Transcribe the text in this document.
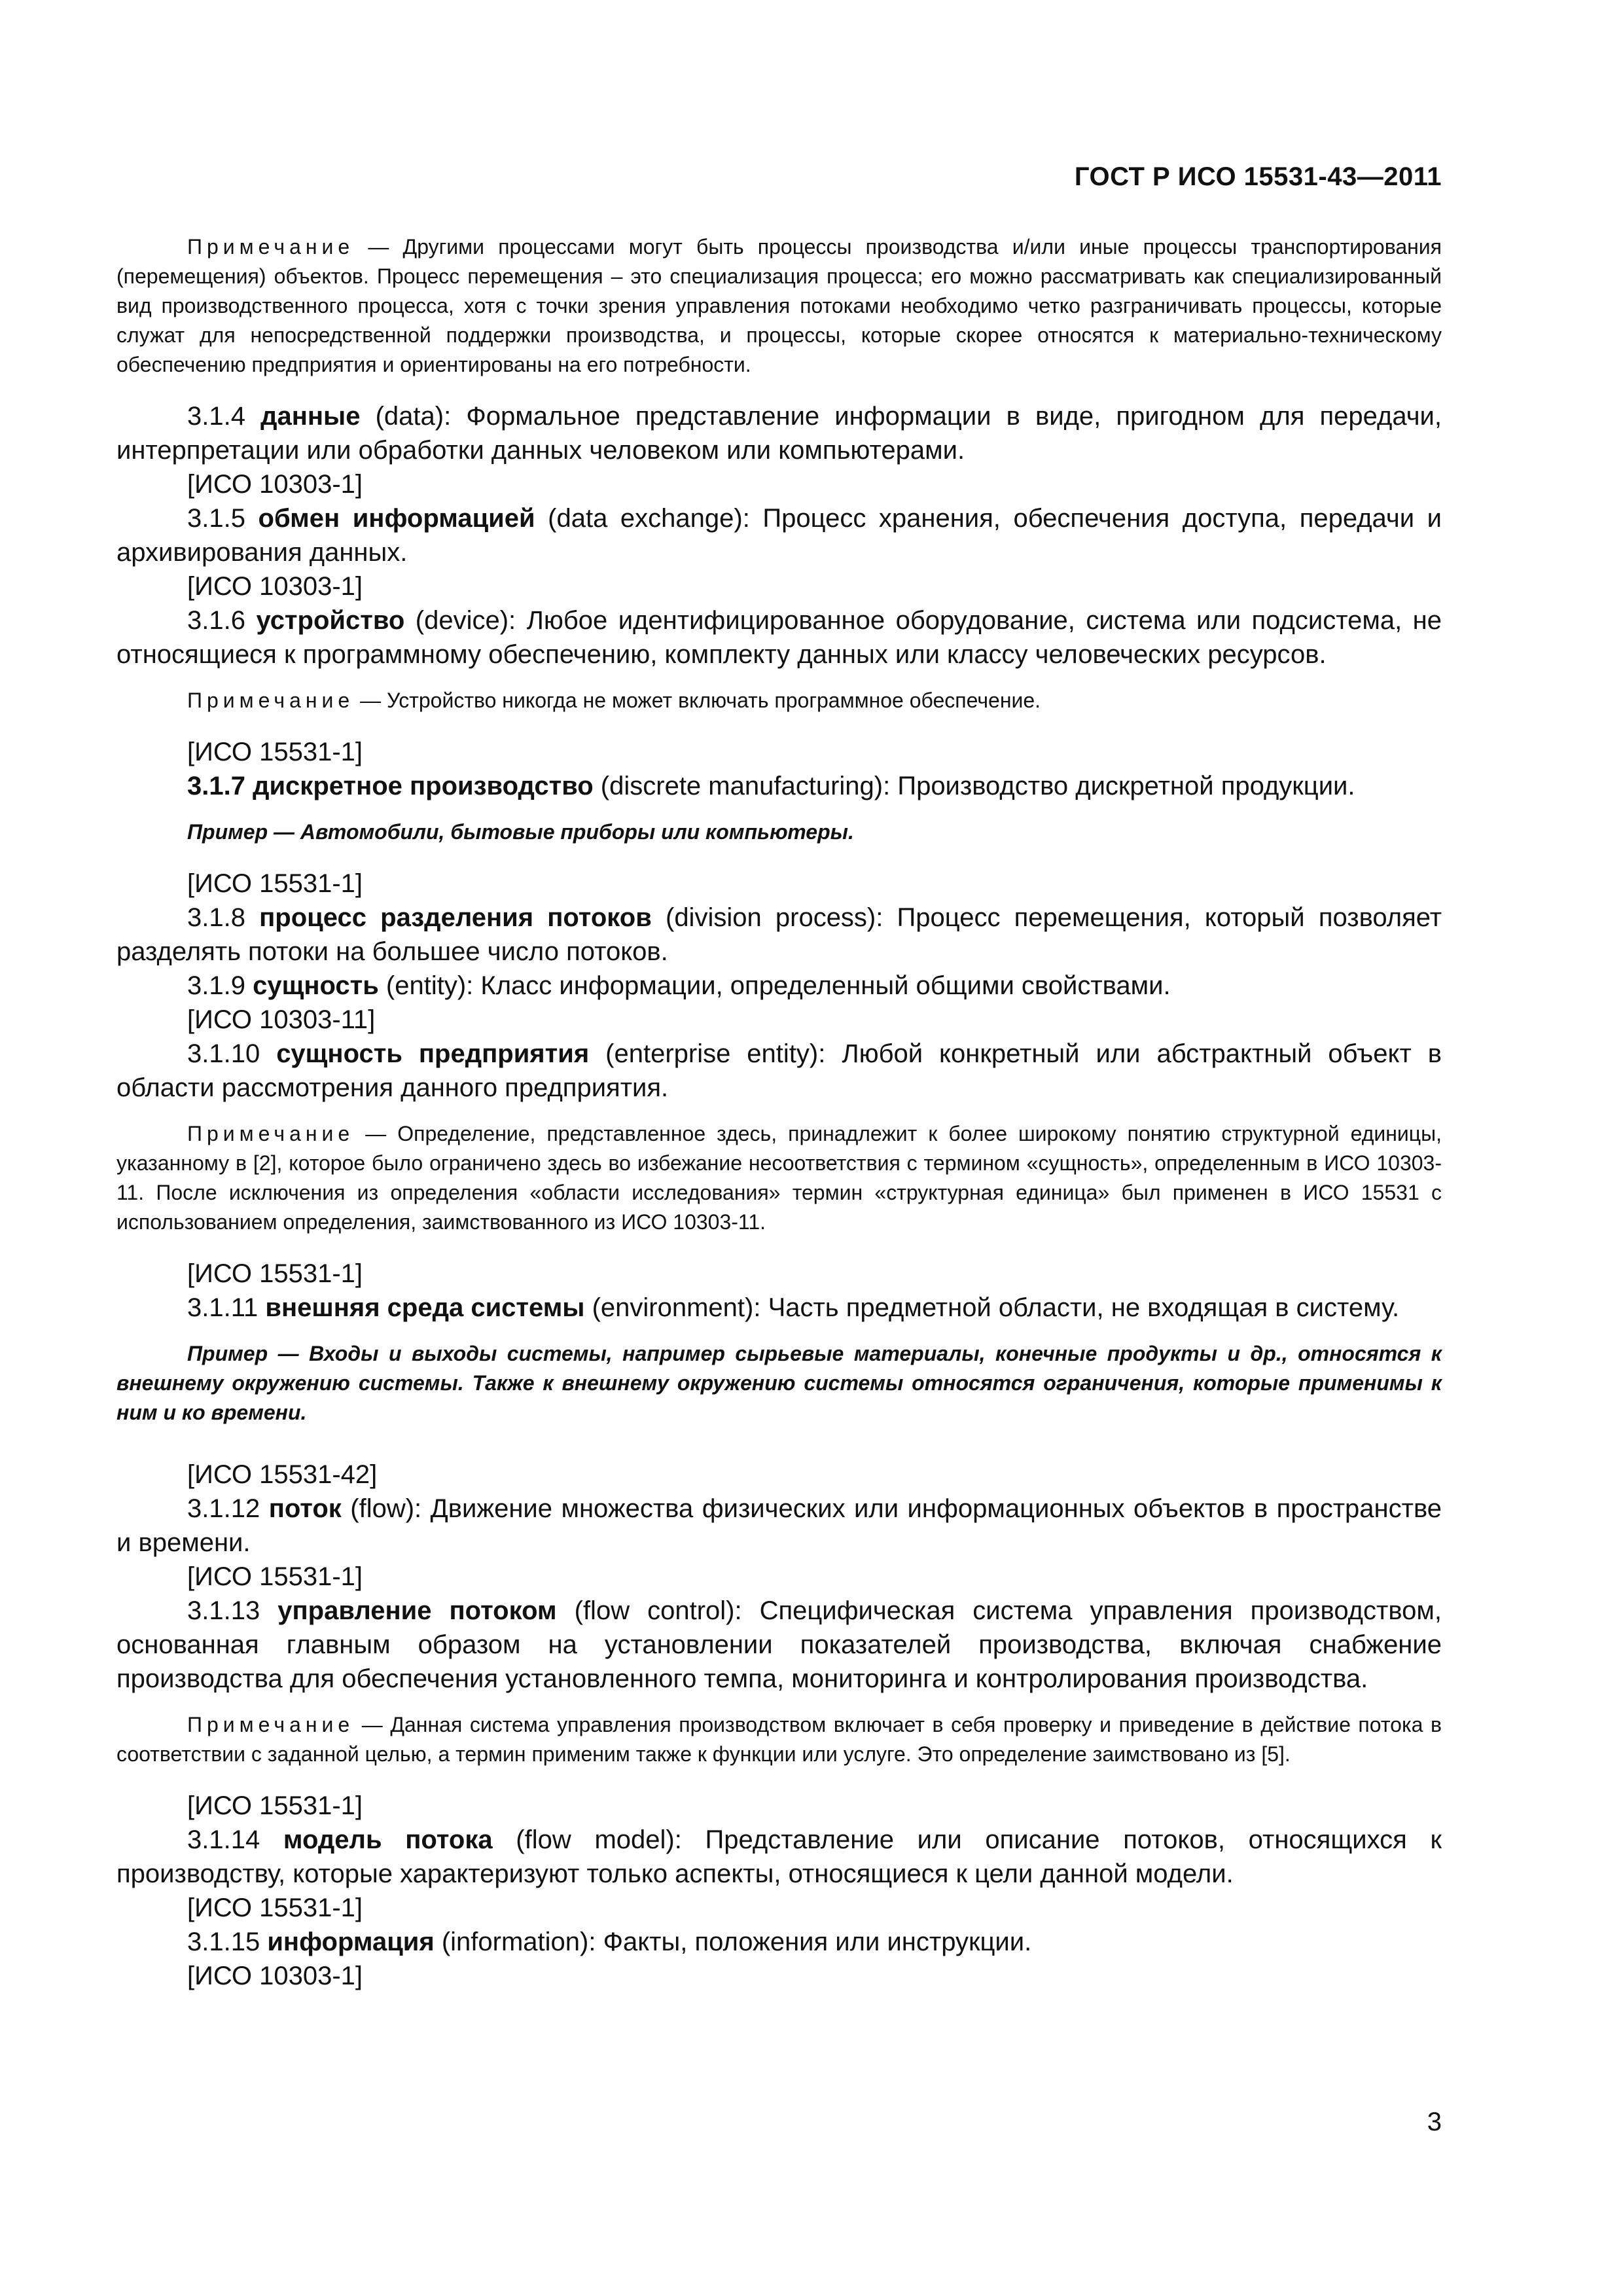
ГОСТ Р ИСО 15531-43—2011

Примечание — Другими процессами могут быть процессы производства и/или иные процессы транспортирования (перемещения) объектов. Процесс перемещения – это специализация процесса; его можно рассматривать как специализированный вид производственного процесса, хотя с точки зрения управления потоками необходимо четко разграничивать процессы, которые служат для непосредственной поддержки производства, и процессы, которые скорее относятся к материально-техническому обеспечению предприятия и ориентированы на его потребности.

3.1.4 данные (data): Формальное представление информации в виде, пригодном для передачи, интерпретации или обработки данных человеком или компьютерами.

[ИСО 10303-1]

3.1.5 обмен информацией (data exchange): Процесс хранения, обеспечения доступа, передачи и архивирования данных.

[ИСО 10303-1]

3.1.6 устройство (device): Любое идентифицированное оборудование, система или подсистема, не относящиеся к программному обеспечению, комплекту данных или классу человеческих ресурсов.

Примечание — Устройство никогда не может включать программное обеспечение.

[ИСО 15531-1]

3.1.7 дискретное производство (discrete manufacturing): Производство дискретной продукции.

Пример — Автомобили, бытовые приборы или компьютеры.

[ИСО 15531-1]

3.1.8 процесс разделения потоков (division process): Процесс перемещения, который позволяет разделять потоки на большее число потоков.

3.1.9 сущность (entity): Класс информации, определенный общими свойствами.

[ИСО 10303-11]

3.1.10 сущность предприятия (enterprise entity): Любой конкретный или абстрактный объект в области рассмотрения данного предприятия.

Примечание — Определение, представленное здесь, принадлежит к более широкому понятию структурной единицы, указанному в [2], которое было ограничено здесь во избежание несоответствия с термином «сущность», определенным в ИСО 10303-11. После исключения из определения «области исследования» термин «структурная единица» был применен в ИСО 15531 с использованием определения, заимствованного из ИСО 10303-11.

[ИСО 15531-1]

3.1.11 внешняя среда системы (environment): Часть предметной области, не входящая в систему.

Пример — Входы и выходы системы, например сырьевые материалы, конечные продукты и др., относятся к внешнему окружению системы. Также к внешнему окружению системы относятся ограничения, которые применимы к ним и ко времени.

[ИСО 15531-42]

3.1.12 поток (flow): Движение множества физических или информационных объектов в пространстве и времени.

[ИСО 15531-1]

3.1.13 управление потоком (flow control): Специфическая система управления производством, основанная главным образом на установлении показателей производства, включая снабжение производства для обеспечения установленного темпа, мониторинга и контролирования производства.

Примечание — Данная система управления производством включает в себя проверку и приведение в действие потока в соответствии с заданной целью, а термин применим также к функции или услуге. Это определение заимствовано из [5].

[ИСО 15531-1]

3.1.14 модель потока (flow model): Представление или описание потоков, относящихся к производству, которые характеризуют только аспекты, относящиеся к цели данной модели.

[ИСО 15531-1]

3.1.15 информация (information): Факты, положения или инструкции.

[ИСО 10303-1]

3
